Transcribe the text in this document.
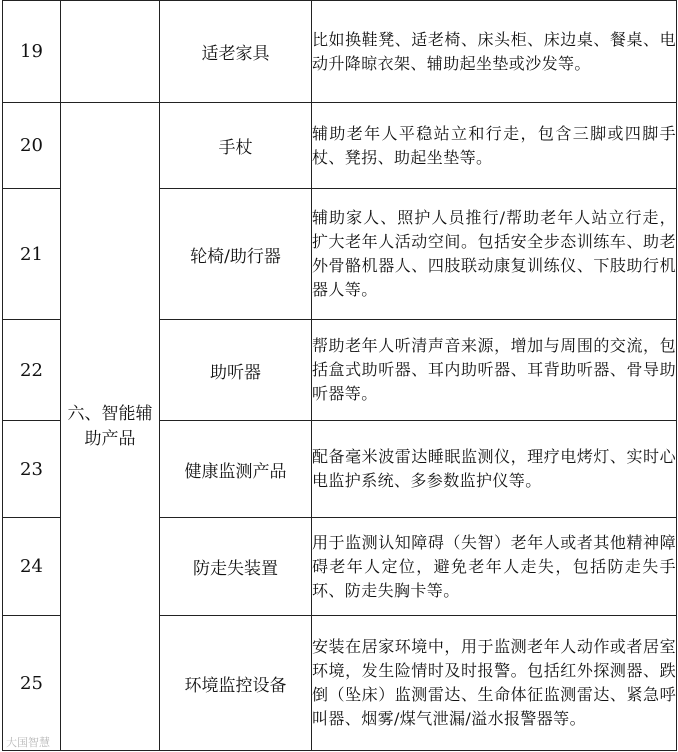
19		适老家具	比如换鞋凳、适老椅、床头柜、床边桌、餐桌、电动升降晾衣架、辅助起坐垫或沙发等。
20	六、智能辅助产品	手杖	辅助老年人平稳站立和行走，包含三脚或四脚手杖、凳拐、助起坐垫等。
21		轮椅/助行器	辅助家人、照护人员推行/帮助老年人站立行走，扩大老年人活动空间。包括安全步态训练车、助老外骨骼机器人、四肢联动康复训练仪、下肢助行机器人等。
22		助听器	帮助老年人听清声音来源，增加与周围的交流，包括盒式助听器、耳内助听器、耳背助听器、骨导助听器等。
23		健康监测产品	配备毫米波雷达睡眠监测仪，理疗电烤灯、实时心电监护系统、多参数监护仪等。
24		防走失装置	用于监测认知障碍（失智）老年人或者其他精神障碍老年人定位，避免老年人走失，包括防走失手环、防走失胸卡等。
25		环境监控设备	安装在居家环境中，用于监测老年人动作或者居室环境，发生险情时及时报警。包括红外探测器、跌倒（坠床）监测雷达、生命体征监测雷达、紧急呼叫器、烟雾/煤气泄漏/溢水报警器等。
大国智慧
